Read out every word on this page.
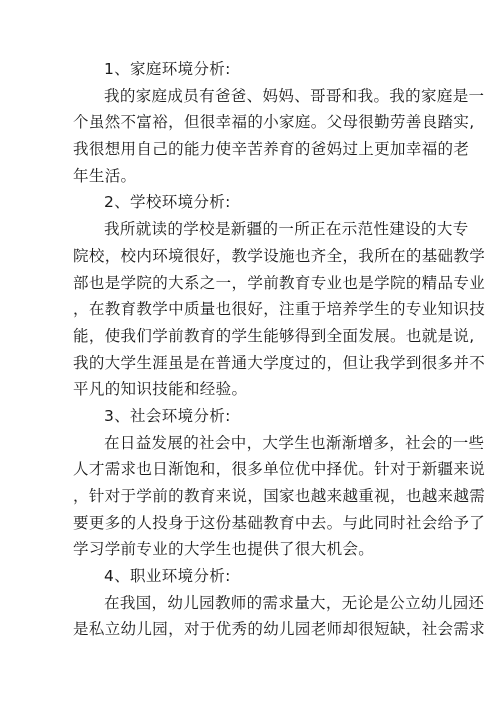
1、家庭环境分析:
我的家庭成员有爸爸、妈妈、哥哥和我。我的家庭是一
个虽然不富裕，但很幸福的小家庭。父母很勤劳善良踏实,
我很想用自己的能力使辛苦养育的爸妈过上更加幸福的老
年生活。
2、学校环境分析:
我所就读的学校是新疆的一所正在示范性建设的大专
院校，校内环境很好，教学设施也齐全，我所在的基础教学
部也是学院的大系之一，学前教育专业也是学院的精品专业
，在教育教学中质量也很好，注重于培养学生的专业知识技
能，使我们学前教育的学生能够得到全面发展。也就是说,
我的大学生涯虽是在普通大学度过的，但让我学到很多并不
平凡的知识技能和经验。
3、社会环境分析:
在日益发展的社会中，大学生也渐渐增多，社会的一些
人才需求也日渐饱和，很多单位优中择优。针对于新疆来说
，针对于学前的教育来说，国家也越来越重视，也越来越需
要更多的人投身于这份基础教育中去。与此同时社会给予了
学习学前专业的大学生也提供了很大机会。
4、职业环境分析:
在我国，幼儿园教师的需求量大，无论是公立幼儿园还
是私立幼儿园，对于优秀的幼儿园老师却很短缺，社会需求
